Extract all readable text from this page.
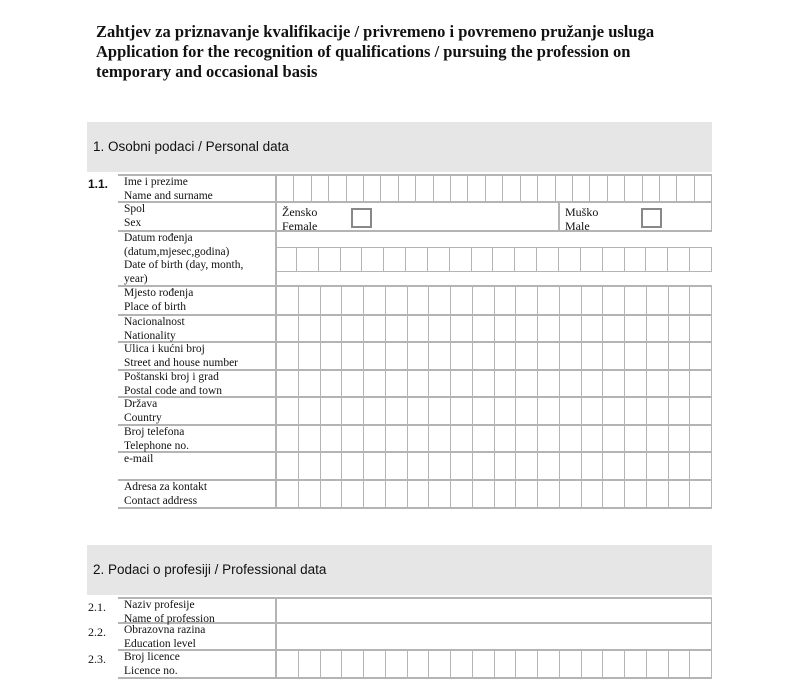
Zahtjev za priznavanje kvalifikacije / privremeno i povremeno pružanje usluga
Application for the recognition of qualifications / pursuing the profession on
temporary and occasional basis
1. Osobni podaci / Personal data
2. Podaci o profesiji / Professional data
1.1. Ime i prezime
Name and surname
Spol
Sex
Žensko
Female
Muško
Male
Datum rođenja
(datum,mjesec,godina)
Date of birth (day, month,
year)
Mjesto rođenja
Place of birth
Nacionalnost
Nationality
Ulica i kućni broj
Street and house number
Poštanski broj i grad
Postal code and town
Država
Country
Broj telefona
Telephone no.
e-mail
Adresa za kontakt
Contact address
2.1. Naziv profesije
Name of profession
2.2. Obrazovna razina
Education level
2.3. Broj licence
Licence no.
